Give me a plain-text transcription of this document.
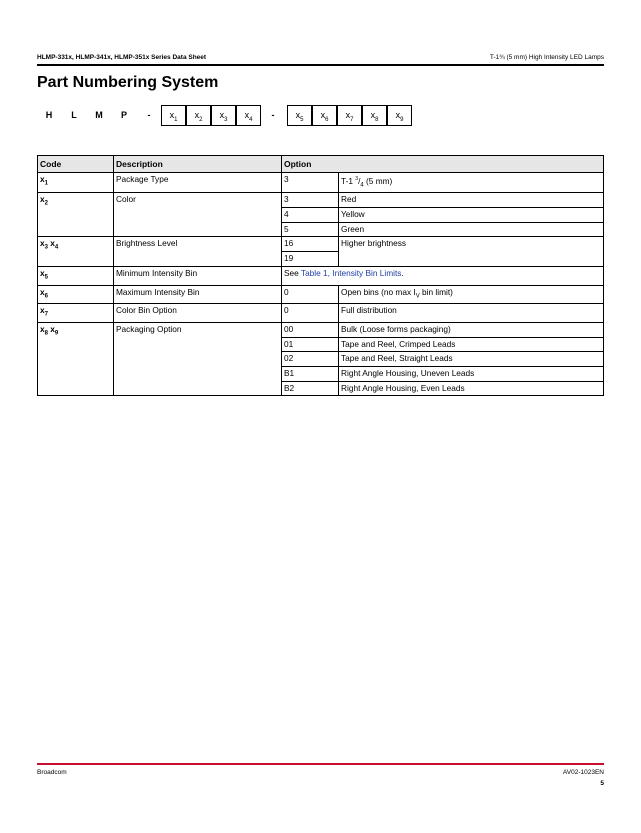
HLMP-331x, HLMP-341x, HLMP-351x Series Data Sheet	T-1¾ (5 mm) High Intensity LED Lamps
Part Numbering System
H	L	M	P	-	$x_1$	$x_2$	$x_3$	$x_4$	-	$x_5$	$x_6$	$x_7$	$x_8$	$x_9$
Code	Description	Option	
$x_1$	Package Type	3	T-1 $^3/_4$ (5 mm)
$x_2$	Color	3	Red
		4	Yellow
		5	Green
$x_3$ $x_4$	Brightness Level	16	Higher brightness
		19	
$x_5$	Minimum Intensity Bin	See Table 1, Intensity Bin Limits.	
$x_6$	Maximum Intensity Bin	0	Open bins (no $\max I_V$ bin limit)
$x_7$	Color Bin Option	0	Full distribution
$x_8$ $x_9$	Packaging Option	00	Bulk (Loose forms packaging)
		01	Tape and Reel, Crimped Leads
		02	Tape and Reel, Straight Leads
		B1	Right Angle Housing, Uneven Leads
		B2	Right Angle Housing, Even Leads
Broadcom	AV02-1023EN
5
